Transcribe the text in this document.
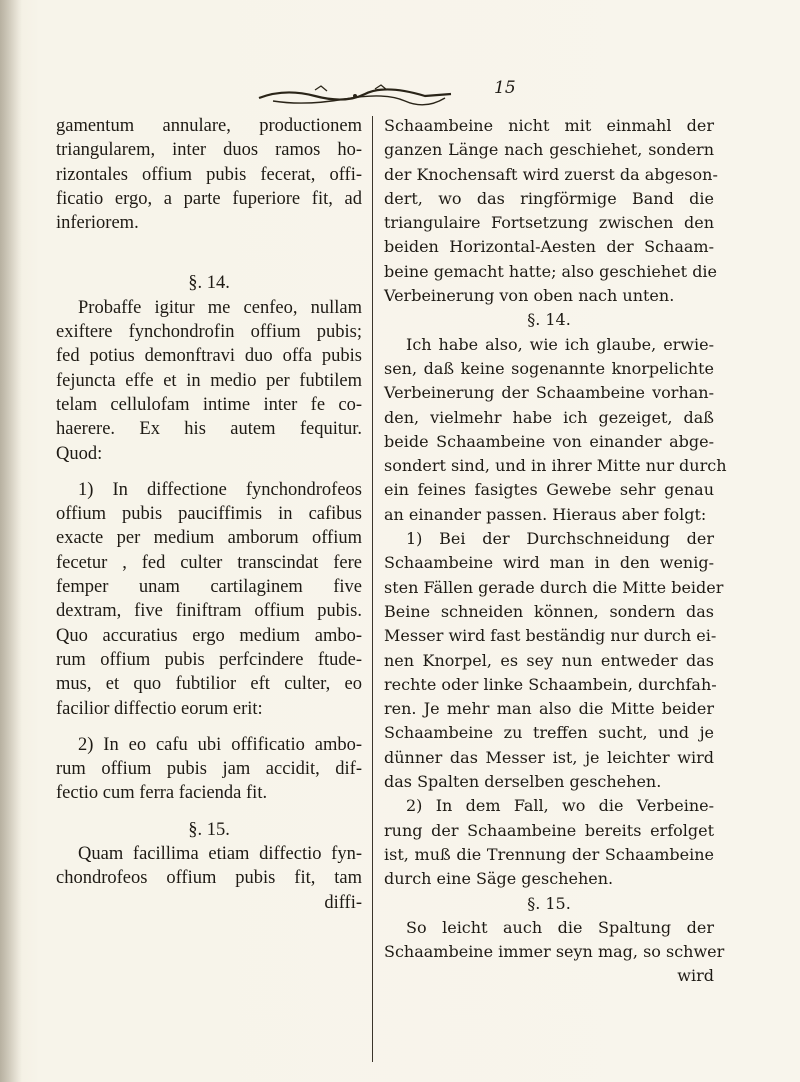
15
gamentum annulare, productionem
triangularem, inter duos ramos ho-
rizontales offium pubis fecerat, offi-
ficatio ergo, a parte fuperiore fit, ad
inferiorem.
§. 14.
Probaffe igitur me cenfeo, nullam
exiftere fynchondrofin offium pubis;
fed potius demonftravi duo offa pubis
fejuncta effe et in medio per fubtilem
telam cellulofam intime inter fe co-
haerere. Ex his autem fequitur.
Quod:
1) In diffectione fynchondrofeos
offium pubis pauciffimis in cafibus
exacte per medium amborum offium
fecetur , fed culter transcindat fere
femper unam cartilaginem five
dextram, five finiftram offium pubis.
Quo accuratius ergo medium ambo-
rum offium pubis perfcindere ftude-
mus, et quo fubtilior eft culter, eo
facilior diffectio eorum erit:
2) In eo cafu ubi offificatio ambo-
rum offium pubis jam accidit, dif-
fectio cum ferra facienda fit.
§. 15.
Quam facillima etiam diffectio fyn-
chondrofeos offium pubis fit, tam
diffi-
Schaambeine nicht mit einmahl der
ganzen Länge nach geschiehet, sondern
der Knochensaft wird zuerst da abgeson-
dert, wo das ringförmige Band die
triangulaire Fortsetzung zwischen den
beiden Horizontal-Aesten der Schaam-
beine gemacht hatte; also geschiehet die
Verbeinerung von oben nach unten.
§. 14.
Ich habe also, wie ich glaube, erwie-
sen, daß keine sogenannte knorpelichte
Verbeinerung der Schaambeine vorhan-
den, vielmehr habe ich gezeiget, daß
beide Schaambeine von einander abge-
sondert sind, und in ihrer Mitte nur durch
ein feines fasigtes Gewebe sehr genau
an einander passen. Hieraus aber folgt:
1) Bei der Durchschneidung der
Schaambeine wird man in den wenig-
sten Fällen gerade durch die Mitte beider
Beine schneiden können, sondern das
Messer wird fast beständig nur durch ei-
nen Knorpel, es sey nun entweder das
rechte oder linke Schaambein, durchfah-
ren. Je mehr man also die Mitte beider
Schaambeine zu treffen sucht, und je
dünner das Messer ist, je leichter wird
das Spalten derselben geschehen.
2) In dem Fall, wo die Verbeine-
rung der Schaambeine bereits erfolget
ist, muß die Trennung der Schaambeine
durch eine Säge geschehen.
§. 15.
So leicht auch die Spaltung der
Schaambeine immer seyn mag, so schwer
wird
